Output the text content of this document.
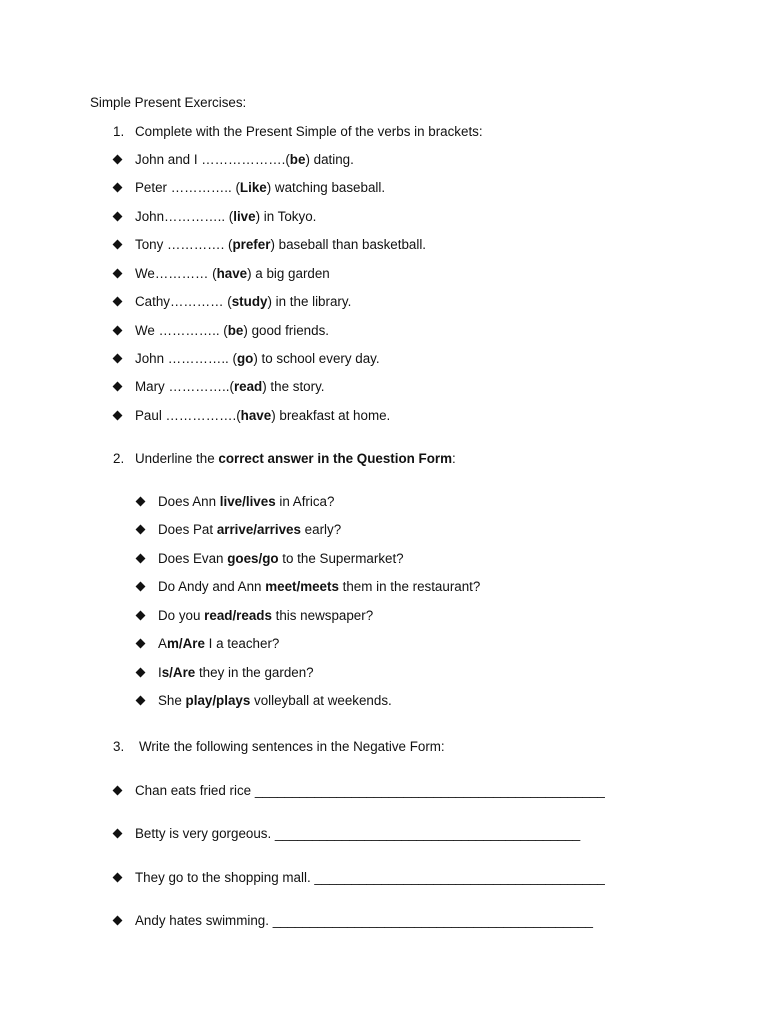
Simple Present Exercises:
1. Complete with the Present Simple of the verbs in brackets:
John and I ……………….(be) dating.
Peter ………….. (Like) watching baseball.
John………….. (live) in Tokyo.
Tony …………. (prefer) baseball than basketball.
We………… (have) a big garden
Cathy………… (study) in the library.
We ………….. (be) good friends.
John ………….. (go) to school every day.
Mary …………..(read) the story.
Paul …………….(have) breakfast at home.
2. Underline the correct answer in the Question Form:
Does Ann live/lives in Africa?
Does Pat arrive/arrives early?
Does Evan goes/go to the Supermarket?
Do Andy and Ann meet/meets them in the restaurant?
Do you read/reads this newspaper?
Am/Are I a teacher?
Is/Are they in the garden?
She play/plays volleyball at weekends.
3. Write the following sentences in the Negative Form:
Chan eats fried rice _______________________________________________
Betty is very gorgeous. _________________________________________
They go to the shopping mall. _______________________________________
Andy hates swimming. ___________________________________________
